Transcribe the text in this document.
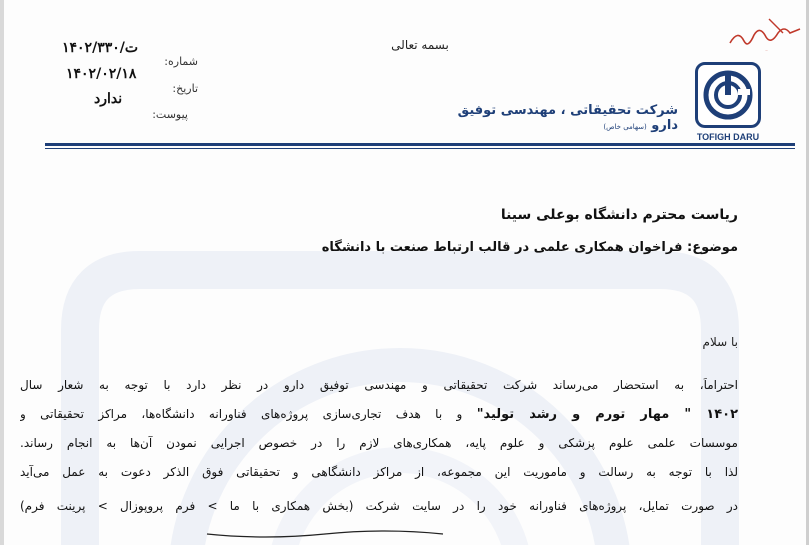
۲۲۴۳ب
بسمه تعالی
شماره:
۱۴۰۲/ت/۳۳۰
تاریخ:
۱۴۰۲/۰۲/۱۸
پیوست:
ندارد
TOFIGH DARU
شرکت تحقیقاتی ، مهندسی توفیق دارو (سهامی خاص)
ریاست محترم دانشگاه بوعلی سینا
موضوع: فراخوان همکاری علمی در قالب ارتباط صنعت با دانشگاه
با سلام
احتراماً، به استحضار می‌رساند شرکت تحقیقاتی و مهندسی توفیق دارو در نظر دارد با توجه به شعار سال
۱۴۰۲ " مهار تورم و رشد تولید" و با هدف تجاری‌سازی پروژه‌های فناورانه دانشگاه‌ها، مراکز تحقیقاتی و
موسسات علمی علوم پزشکی و علوم پایه، همکاری‌های لازم را در خصوص اجرایی نمودن آن‌ها به انجام رساند.
لذا با توجه به رسالت و ماموریت این مجموعه، از مراکز دانشگاهی و تحقیقاتی فوق الذکر دعوت به عمل می‌آید
در صورت تمایل، پروژه‌های فناورانه خود را در سایت شرکت (بخش همکاری با ما > فرم پروپوزال > پرینت فرم)
